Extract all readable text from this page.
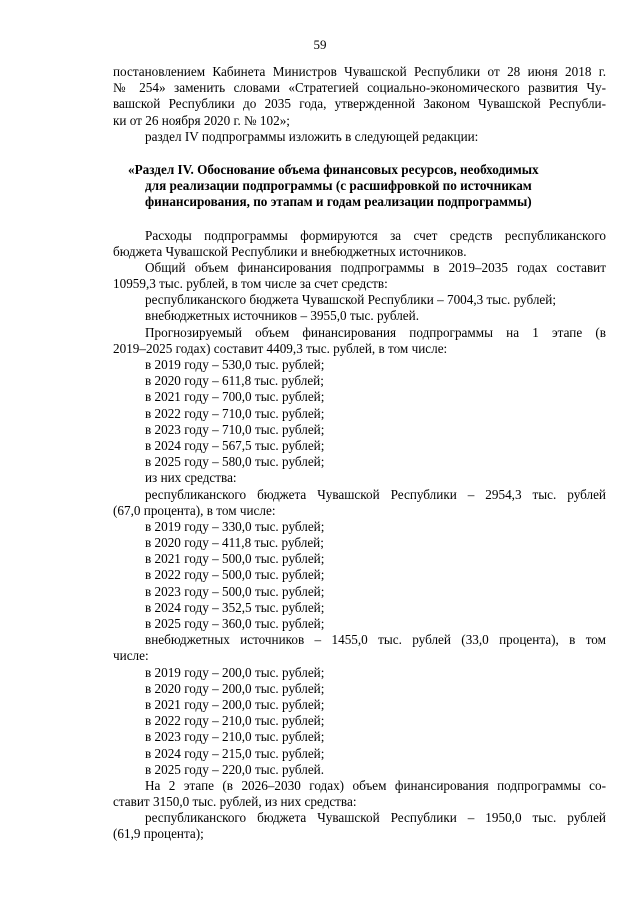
59
постановлением Кабинета Министров Чувашской Республики от 28 июня 2018 г.
№ 254» заменить словами «Стратегией социально-экономического развития Чу-
вашской Республики до 2035 года, утвержденной Законом Чувашской Республи-
ки от 26 ноября 2020 г. № 102»;
раздел IV подпрограммы изложить в следующей редакции:
«Раздел IV. Обоснование объема финансовых ресурсов, необходимых
для реализации подпрограммы (с расшифровкой по источникам
финансирования, по этапам и годам реализации подпрограммы)
Расходы подпрограммы формируются за счет средств республиканского
бюджета Чувашской Республики и внебюджетных источников.
Общий объем финансирования подпрограммы в 2019–2035 годах составит
10959,3 тыс. рублей, в том числе за счет средств:
республиканского бюджета Чувашской Республики – 7004,3 тыс. рублей;
внебюджетных источников – 3955,0 тыс. рублей.
Прогнозируемый объем финансирования подпрограммы на 1 этапе (в
2019–2025 годах) составит 4409,3 тыс. рублей, в том числе:
в 2019 году – 530,0 тыс. рублей;
в 2020 году – 611,8 тыс. рублей;
в 2021 году – 700,0 тыс. рублей;
в 2022 году – 710,0 тыс. рублей;
в 2023 году – 710,0 тыс. рублей;
в 2024 году – 567,5 тыс. рублей;
в 2025 году – 580,0 тыс. рублей;
из них средства:
республиканского бюджета Чувашской Республики – 2954,3 тыс. рублей
(67,0 процента), в том числе:
в 2019 году – 330,0 тыс. рублей;
в 2020 году – 411,8 тыс. рублей;
в 2021 году – 500,0 тыс. рублей;
в 2022 году – 500,0 тыс. рублей;
в 2023 году – 500,0 тыс. рублей;
в 2024 году – 352,5 тыс. рублей;
в 2025 году – 360,0 тыс. рублей;
внебюджетных источников – 1455,0 тыс. рублей (33,0 процента), в том
числе:
в 2019 году – 200,0 тыс. рублей;
в 2020 году – 200,0 тыс. рублей;
в 2021 году – 200,0 тыс. рублей;
в 2022 году – 210,0 тыс. рублей;
в 2023 году – 210,0 тыс. рублей;
в 2024 году – 215,0 тыс. рублей;
в 2025 году – 220,0 тыс. рублей.
На 2 этапе (в 2026–2030 годах) объем финансирования подпрограммы со-
ставит 3150,0 тыс. рублей, из них средства:
республиканского бюджета Чувашской Республики – 1950,0 тыс. рублей
(61,9 процента);
